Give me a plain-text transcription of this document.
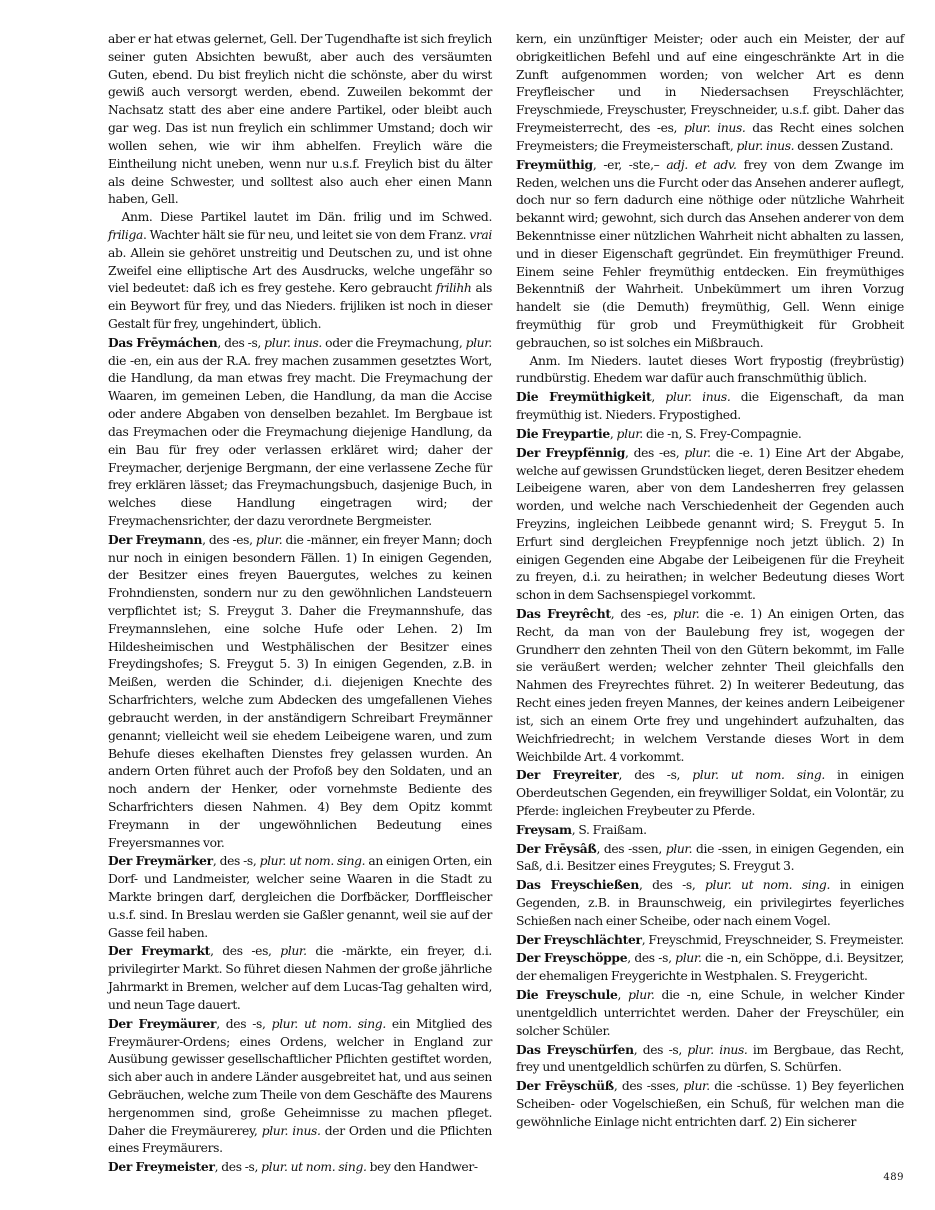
aber er hat etwas gelernet, Gell. Der Tugendhafte ist sich freylich seiner guten Absichten bewußt, aber auch des versäumten Guten, ebend. Du bist freylich nicht die schönste, aber du wirst gewiß auch versorgt werden, ebend. Zuweilen bekommt der Nachsatz statt des aber eine andere Partikel, oder bleibt auch gar weg. Das ist nun freylich ein schlimmer Umstand; doch wir wollen sehen, wie wir ihm abhelfen. Freylich wäre die Eintheilung nicht uneben, wenn nur u.s.f. Freylich bist du älter als deine Schwester, und solltest also auch eher einen Mann haben, Gell.

Anm. Diese Partikel lautet im Dän. frilig und im Schwed. friliga. Wachter hält sie für neu, und leitet sie von dem Franz. vrai ab. Allein sie gehöret unstreitig und Deutschen zu, und ist ohne Zweifel eine elliptische Art des Ausdrucks, welche ungefähr so viel bedeutet: daß ich es frey gestehe. Kero gebraucht frilihh als ein Beywort für frey, und das Nieders. frijliken ist noch in dieser Gestalt für frey, ungehindert, üblich.

Das Frēymáchen, des -s, plur. inus. oder die Freymachung, plur. die -en, ein aus der R.A. frey machen zusammen gesetztes Wort, die Handlung, da man etwas frey macht. Die Freymachung der Waaren, im gemeinen Leben, die Handlung, da man die Accise oder andere Abgaben von denselben bezahlet. Im Bergbaue ist das Freymachen oder die Freymachung diejenige Handlung, da ein Bau für frey oder verlassen erkläret wird; daher der Freymacher, derjenige Bergmann, der eine verlassene Zeche für frey erklären lässet; das Freymachungsbuch, dasjenige Buch, in welches diese Handlung eingetragen wird; der Freymachensrichter, der dazu verordnete Bergmeister.

Der Freymann, des -es, plur. die -männer, ein freyer Mann; doch nur noch in einigen besondern Fällen. 1) In einigen Gegenden, der Besitzer eines freyen Bauergutes, welches zu keinen Frohndiensten, sondern nur zu den gewöhnlichen Landsteuern verpflichtet ist; S. Freygut 3. Daher die Freymannshufe, das Freymannslehen, eine solche Hufe oder Lehen. 2) Im Hildesheimischen und Westphälischen der Besitzer eines Freydingshofes; S. Freygut 5. 3) In einigen Gegenden, z.B. in Meißen, werden die Schinder, d.i. diejenigen Knechte des Scharfrichters, welche zum Abdecken des umgefallenen Viehes gebraucht werden, in der anständigern Schreibart Freymänner genannt; vielleicht weil sie ehedem Leibeigene waren, und zum Behufe dieses ekelhaften Dienstes frey gelassen wurden. An andern Orten führet auch der Profoß bey den Soldaten, und an noch andern der Henker, oder vornehmste Bediente des Scharfrichters diesen Nahmen. 4) Bey dem Opitz kommt Freymann in der ungewöhnlichen Bedeutung eines Freyersmannes vor.

Der Freymärker, des -s, plur. ut nom. sing. an einigen Orten, ein Dorf- und Landmeister, welcher seine Waaren in die Stadt zu Markte bringen darf, dergleichen die Dorfbäcker, Dorffleischer u.s.f. sind. In Breslau werden sie Gaßler genannt, weil sie auf der Gasse feil haben.

Der Freymarkt, des -es, plur. die -märkte, ein freyer, d.i. privilegirter Markt. So führet diesen Nahmen der große jährliche Jahrmarkt in Bremen, welcher auf dem Lucas-Tag gehalten wird, und neun Tage dauert.

Der Freymäurer, des -s, plur. ut nom. sing. ein Mitglied des Freymäurer-Ordens; eines Ordens, welcher in England zur Ausübung gewisser gesellschaftlicher Pflichten gestiftet worden, sich aber auch in andere Länder ausgebreitet hat, und aus seinen Gebräuchen, welche zum Theile von dem Geschäfte des Maurens hergenommen sind, große Geheimnisse zu machen pfleget. Daher die Freymäurerey, plur. inus. der Orden und die Pflichten eines Freymäurers.

Der Freymeister, des -s, plur. ut nom. sing. bey den Handwer-

kern, ein unzünftiger Meister; oder auch ein Meister, der auf obrigkeitlichen Befehl und auf eine eingeschränkte Art in die Zunft aufgenommen worden; von welcher Art es denn Freyfleischer und in Niedersachsen Freyschlächter, Freyschmiede, Freyschuster, Freyschneider, u.s.f. gibt. Daher das Freymeisterrecht, des -es, plur. inus. das Recht eines solchen Freymeisters; die Freymeisterschaft, plur. inus. dessen Zustand.

Freymüthig, -er, -ste,– adj. et adv. frey von dem Zwange im Reden, welchen uns die Furcht oder das Ansehen anderer auflegt, doch nur so fern dadurch eine nöthige oder nützliche Wahrheit bekannt wird; gewohnt, sich durch das Ansehen anderer von dem Bekenntnisse einer nützlichen Wahrheit nicht abhalten zu lassen, und in dieser Eigenschaft gegründet. Ein freymüthiger Freund. Einem seine Fehler freymüthig entdecken. Ein freymüthiges Bekenntniß der Wahrheit. Unbekümmert um ihren Vorzug handelt sie (die Demuth) freymüthig, Gell. Wenn einige freymüthig für grob und Freymüthigkeit für Grobheit gebrauchen, so ist solches ein Mißbrauch.

Anm. Im Nieders. lautet dieses Wort frypostig (freybrüstig) rundbürstig. Ehedem war dafür auch franschmüthig üblich.

Die Freymüthigkeit, plur. inus. die Eigenschaft, da man freymüthig ist. Nieders. Frypostighed.

Die Freypartie, plur. die -n, S. Frey-Compagnie.

Der Freypfënnig, des -es, plur. die -e. 1) Eine Art der Abgabe, welche auf gewissen Grundstücken lieget, deren Besitzer ehedem Leibeigene waren, aber von dem Landesherren frey gelassen worden, und welche nach Verschiedenheit der Gegenden auch Freyzins, ingleichen Leibbede genannt wird; S. Freygut 5. In Erfurt sind dergleichen Freypfennige noch jetzt üblich. 2) In einigen Gegenden eine Abgabe der Leibeigenen für die Freyheit zu freyen, d.i. zu heirathen; in welcher Bedeutung dieses Wort schon in dem Sachsenspiegel vorkommt.

Das Freyrêcht, des -es, plur. die -e. 1) An einigen Orten, das Recht, da man von der Baulebung frey ist, wogegen der Grundherr den zehnten Theil von den Gütern bekommt, im Falle sie veräußert werden; welcher zehnter Theil gleichfalls den Nahmen des Freyrechtes führet. 2) In weiterer Bedeutung, das Recht eines jeden freyen Mannes, der keines andern Leibeigener ist, sich an einem Orte frey und ungehindert aufzuhalten, das Weichfriedrecht; in welchem Verstande dieses Wort in dem Weichbilde Art. 4 vorkommt.

Der Freyreiter, des -s, plur. ut nom. sing. in einigen Oberdeutschen Gegenden, ein freywilliger Soldat, ein Volontär, zu Pferde: ingleichen Freybeuter zu Pferde.

Freysam, S. Fraißam.

Der Frēysâß, des -ssen, plur. die -ssen, in einigen Gegenden, ein Saß, d.i. Besitzer eines Freygutes; S. Freygut 3.

Das Freyschießen, des -s, plur. ut nom. sing. in einigen Gegenden, z.B. in Braunschweig, ein privilegirtes feyerliches Schießen nach einer Scheibe, oder nach einem Vogel.

Der Freyschlächter, Freyschmid, Freyschneider, S. Freymeister.

Der Freyschöppe, des -s, plur. die -n, ein Schöppe, d.i. Beysitzer, der ehemaligen Freygerichte in Westphalen. S. Freygericht.

Die Freyschule, plur. die -n, eine Schule, in welcher Kinder unentgeldlich unterrichtet werden. Daher der Freyschüler, ein solcher Schüler.

Das Freyschürfen, des -s, plur. inus. im Bergbaue, das Recht, frey und unentgeldlich schürfen zu dürfen, S. Schürfen.

Der Frēyschüß, des -sses, plur. die -schüsse. 1) Bey feyerlichen Scheiben- oder Vogelschießen, ein Schuß, für welchen man die gewöhnliche Einlage nicht entrichten darf. 2) Ein sicherer

489
